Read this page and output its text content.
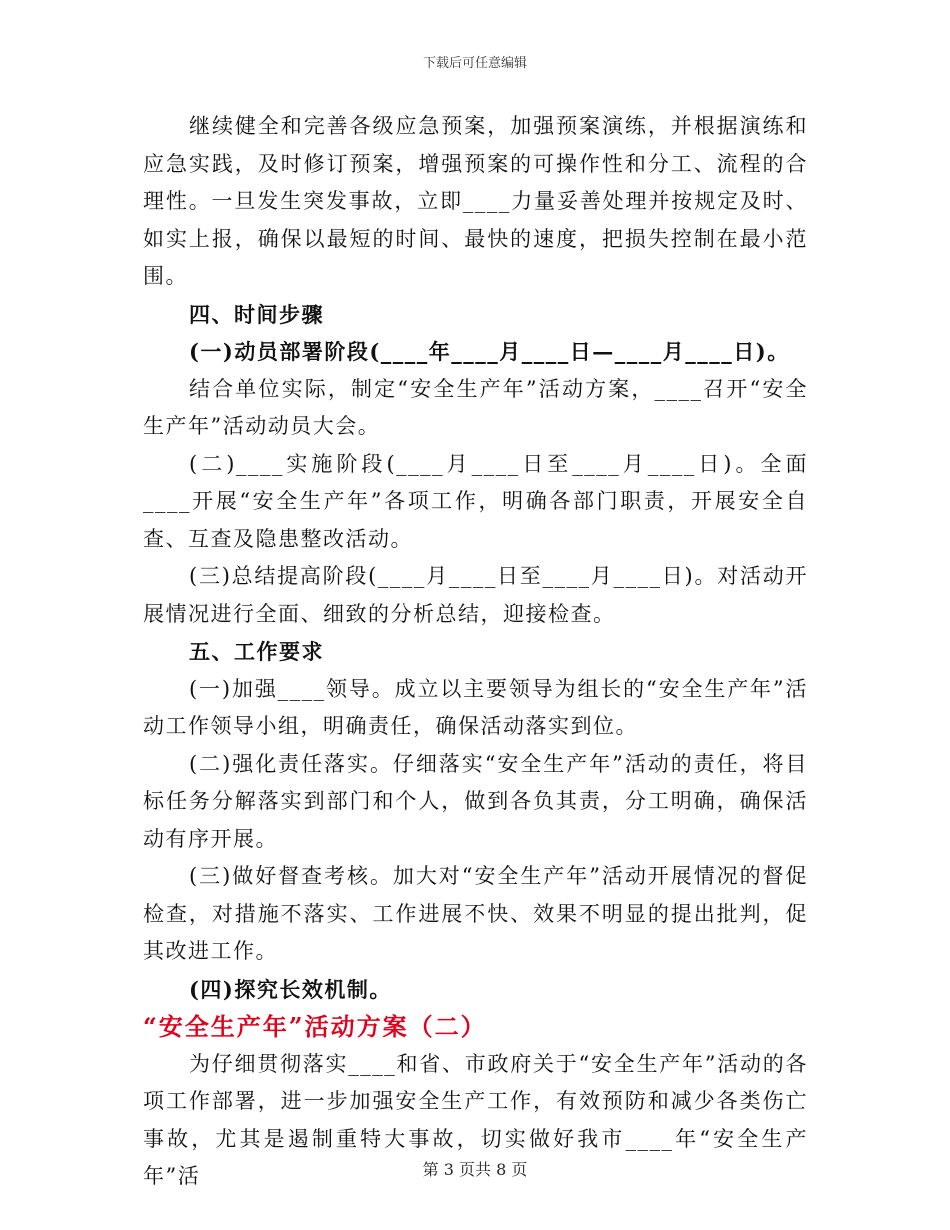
下载后可任意编辑

继续健全和完善各级应急预案，加强预案演练，并根据演练和应急实践，及时修订预案，增强预案的可操作性和分工、流程的合理性。一旦发生突发事故，立即____力量妥善处理并按规定及时、如实上报，确保以最短的时间、最快的速度，把损失控制在最小范围。

四、时间步骤

(一)动员部署阶段(____年____月____日—____月____日)。

结合单位实际，制定“安全生产年”活动方案，____召开“安全生产年”活动动员大会。

(二)____实施阶段(____月____日至____月____日)。全面____开展“安全生产年”各项工作，明确各部门职责，开展安全自查、互查及隐患整改活动。

(三)总结提高阶段(____月____日至____月____日)。对活动开展情况进行全面、细致的分析总结，迎接检查。

五、工作要求

(一)加强____领导。成立以主要领导为组长的“安全生产年”活动工作领导小组，明确责任，确保活动落实到位。

(二)强化责任落实。仔细落实“安全生产年”活动的责任，将目标任务分解落实到部门和个人，做到各负其责，分工明确，确保活动有序开展。

(三)做好督查考核。加大对“安全生产年”活动开展情况的督促检查，对措施不落实、工作进展不快、效果不明显的提出批判，促其改进工作。

(四)探究长效机制。

“安全生产年”活动方案（二）

为仔细贯彻落实____和省、市政府关于“安全生产年”活动的各项工作部署，进一步加强安全生产工作，有效预防和减少各类伤亡事故，尤其是遏制重特大事故，切实做好我市____年“安全生产年”活	第 3 页共 8 页
